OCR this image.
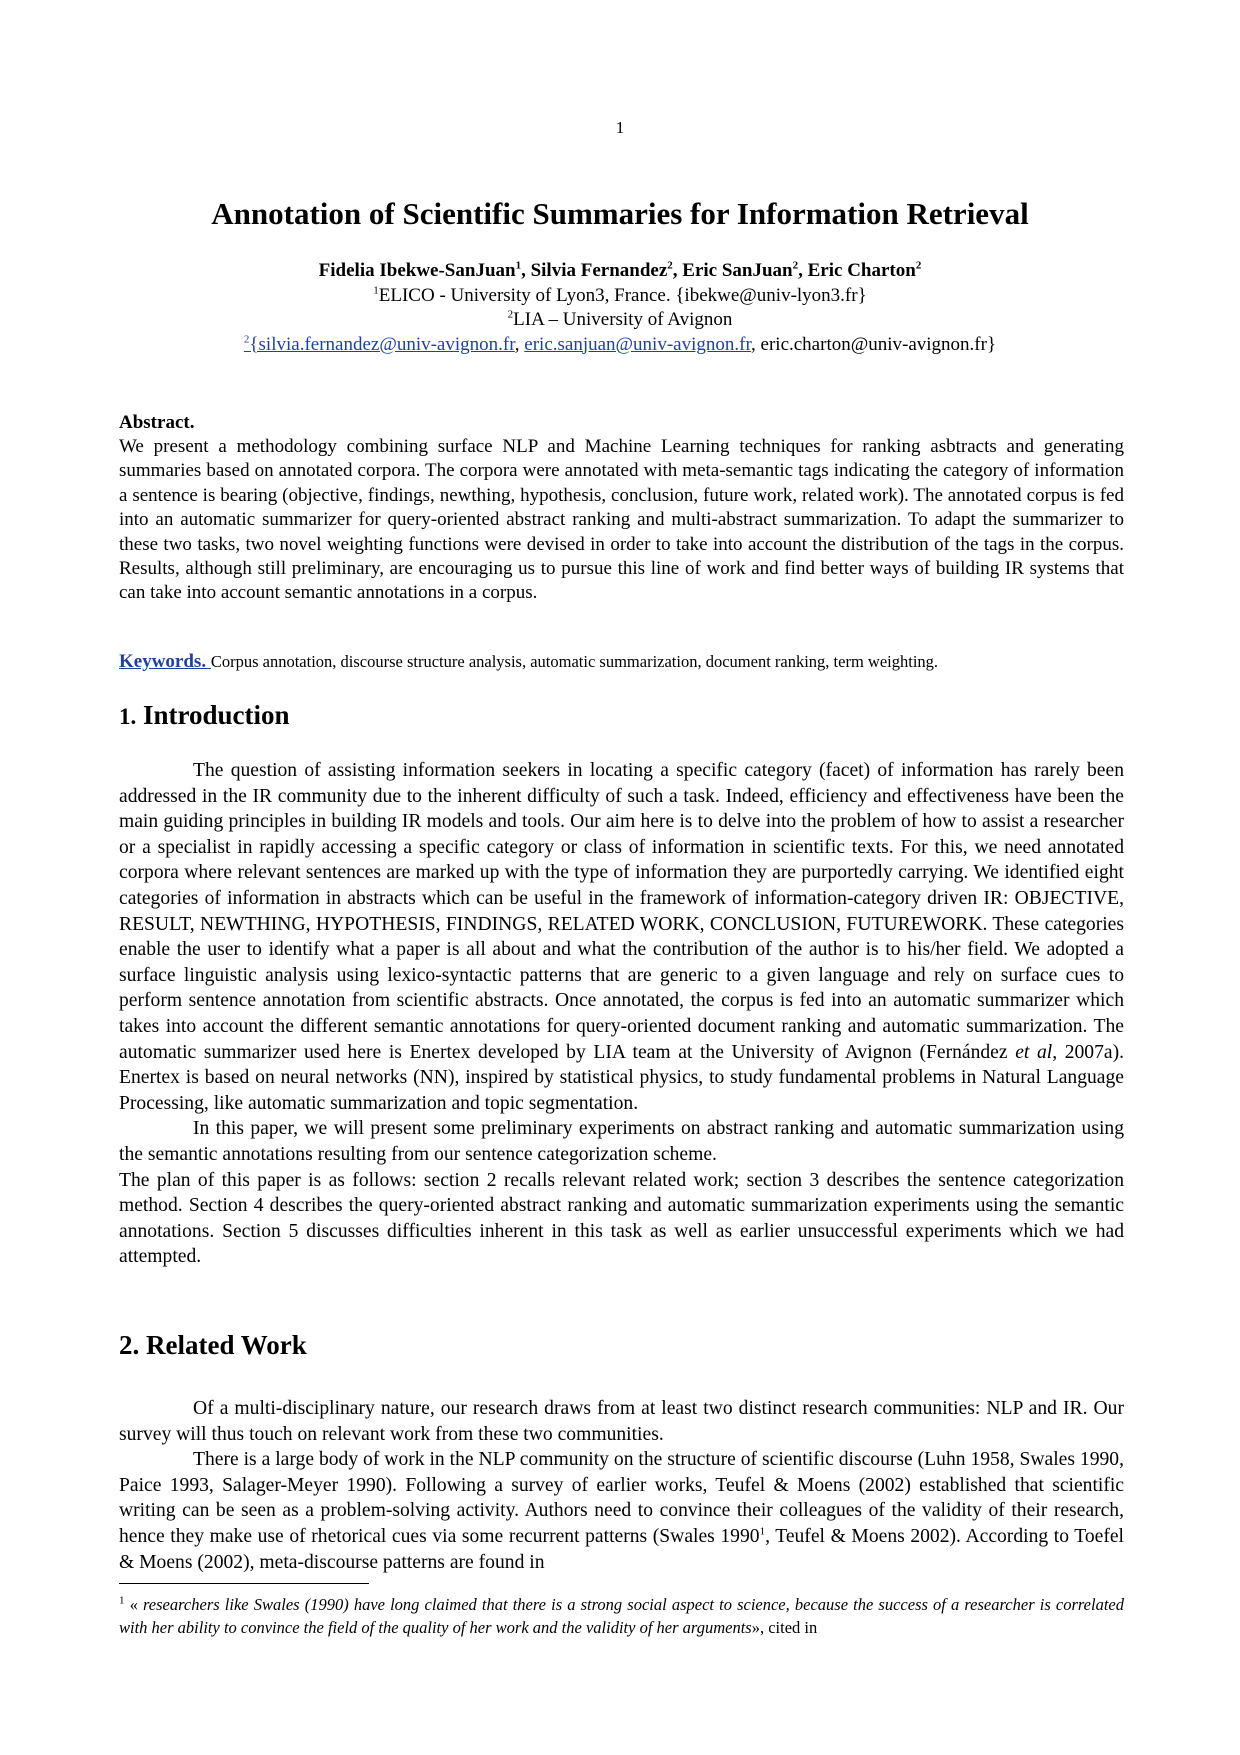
1
Annotation of Scientific Summaries for Information Retrieval
Fidelia Ibekwe-SanJuan$^1$, Silvia Fernandez$^2$, Eric SanJuan$^2$, Eric Charton$^2$
$^1$ELICO - University of Lyon3, France. {ibekwe@univ-lyon3.fr}
$^2$LIA – University of Avignon
$^2${silvia.fernandez@univ-avignon.fr, eric.sanjuan@univ-avignon.fr, eric.charton@univ-avignon.fr}
Abstract.

We present a methodology combining surface NLP and Machine Learning techniques for ranking asbtracts and generating summaries based on annotated corpora. The corpora were annotated with meta-semantic tags indicating the category of information a sentence is bearing (objective, findings, newthing, hypothesis, conclusion, future work, related work). The annotated corpus is fed into an automatic summarizer for query-oriented abstract ranking and multi-abstract summarization. To adapt the summarizer to these two tasks, two novel weighting functions were devised in order to take into account the distribution of the tags in the corpus. Results, although still preliminary, are encouraging us to pursue this line of work and find better ways of building IR systems that can take into account semantic annotations in a corpus.

Keywords. Corpus annotation, discourse structure analysis, automatic summarization, document ranking, term weighting.
1. Introduction

The question of assisting information seekers in locating a specific category (facet) of information has rarely been addressed in the IR community due to the inherent difficulty of such a task. Indeed, efficiency and effectiveness have been the main guiding principles in building IR models and tools. Our aim here is to delve into the problem of how to assist a researcher or a specialist in rapidly accessing a specific category or class of information in scientific texts. For this, we need annotated corpora where relevant sentences are marked up with the type of information they are purportedly carrying. We identified eight categories of information in abstracts which can be useful in the framework of information-category driven IR: OBJECTIVE, RESULT, NEWTHING, HYPOTHESIS, FINDINGS, RELATED WORK, CONCLUSION, FUTUREWORK. These categories enable the user to identify what a paper is all about and what the contribution of the author is to his/her field. We adopted a surface linguistic analysis using lexico-syntactic patterns that are generic to a given language and rely on surface cues to perform sentence annotation from scientific abstracts. Once annotated, the corpus is fed into an automatic summarizer which takes into account the different semantic annotations for query-oriented document ranking and automatic summarization. The automatic summarizer used here is Enertex developed by LIA team at the University of Avignon (Fernández et al, 2007a). Enertex is based on neural networks (NN), inspired by statistical physics, to study fundamental problems in Natural Language Processing, like automatic summarization and topic segmentation.

In this paper, we will present some preliminary experiments on abstract ranking and automatic summarization using the semantic annotations resulting from our sentence categorization scheme.

The plan of this paper is as follows: section 2 recalls relevant related work; section 3 describes the sentence categorization method. Section 4 describes the query-oriented abstract ranking and automatic summarization experiments using the semantic annotations. Section 5 discusses difficulties inherent in this task as well as earlier unsuccessful experiments which we had attempted.

2. Related Work

Of a multi-disciplinary nature, our research draws from at least two distinct research communities: NLP and IR. Our survey will thus touch on relevant work from these two communities.

There is a large body of work in the NLP community on the structure of scientific discourse (Luhn 1958, Swales 1990, Paice 1993, Salager-Meyer 1990). Following a survey of earlier works, Teufel & Moens (2002) established that scientific writing can be seen as a problem-solving activity. Authors need to convince their colleagues of the validity of their research, hence they make use of rhetorical cues via some recurrent patterns (Swales 1990$^1$, Teufel & Moens 2002). According to Toefel & Moens (2002), meta-discourse patterns are found in

$^1$ « researchers like Swales (1990) have long claimed that there is a strong social aspect to science, because the success of a researcher is correlated with her ability to convince the field of the quality of her work and the validity of her arguments», cited in
